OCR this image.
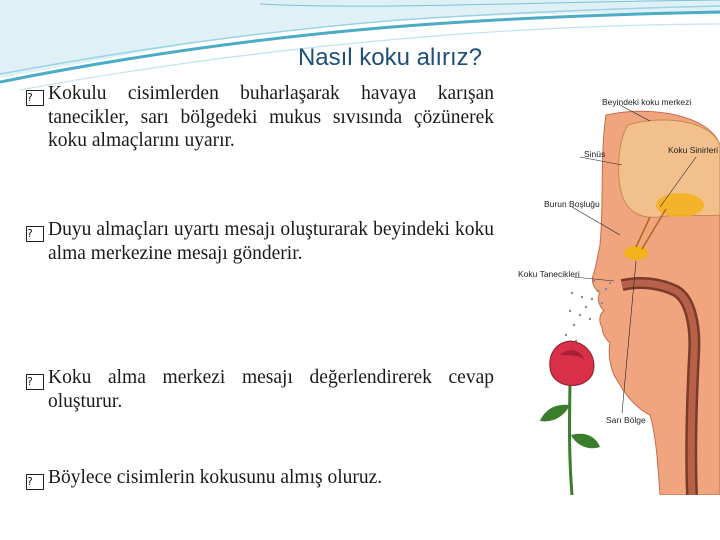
Nasıl koku alırız?
? Kokulu cisimlerden buharlaşarak havaya karışan tanecikler, sarı bölgedeki mukus sıvısında çözünerek koku almaçlarını uyarır.
? Duyu almaçları uyartı mesajı oluşturarak beyindeki koku alma merkezine mesajı gönderir.
? Koku alma merkezi mesajı değerlendirerek cevap oluşturur.
? Böylece cisimlerin kokusunu almış oluruz.
Beyindeki koku merkezi
Sinüs	Koku Sinirleri
Burun Boşluğu
Koku Tanecikleri
Sarı Bölge
